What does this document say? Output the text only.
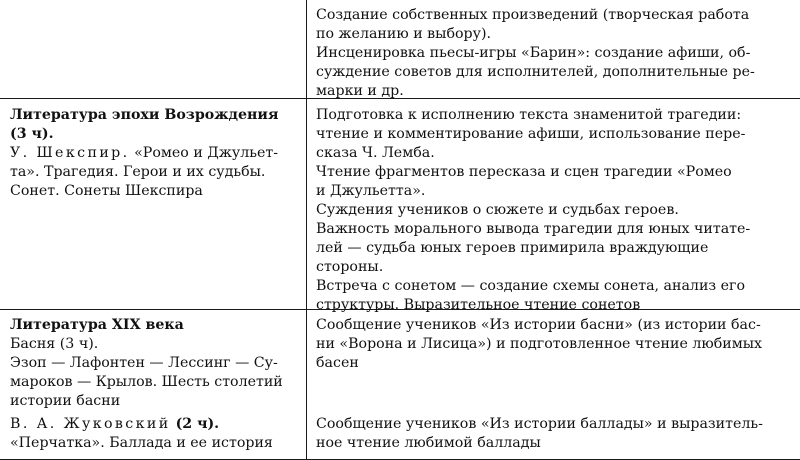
Создание собственных произведений (творческая работа

по желанию и выбору).

Инсценировка пьесы-игры «Барин»: создание афиши, об-

суждение советов для исполнителей, дополнительные ре-

марки и др.

Литература эпохи Возрождения

(3 ч).

У. Шекспир. «Ромео и Джульет-

та». Трагедия. Герои и их судьбы.

Сонет. Сонеты Шекспира

Подготовка к исполнению текста знаменитой трагедии:

чтение и комментирование афиши, использование пере-

сказа Ч. Лемба.

Чтение фрагментов пересказа и сцен трагедии «Ромео

и Джульетта».

Суждения учеников о сюжете и судьбах героев.

Важность морального вывода трагедии для юных читате-

лей — судьба юных героев примирила враждующие

стороны.

Встреча с сонетом — создание схемы сонета, анализ его

структуры. Выразительное чтение сонетов

Литература XIX века

Басня (3 ч).

Эзоп — Лафонтен — Лессинг — Су-

мароков — Крылов. Шесть столетий

истории басни

В. А. Жуковский (2 ч).

«Перчатка». Баллада и ее история

Сообщение учеников «Из истории басни» (из истории бас-

ни «Ворона и Лисица») и подготовленное чтение любимых

басен

Сообщение учеников «Из истории баллады» и выразитель-

ное чтение любимой баллады
